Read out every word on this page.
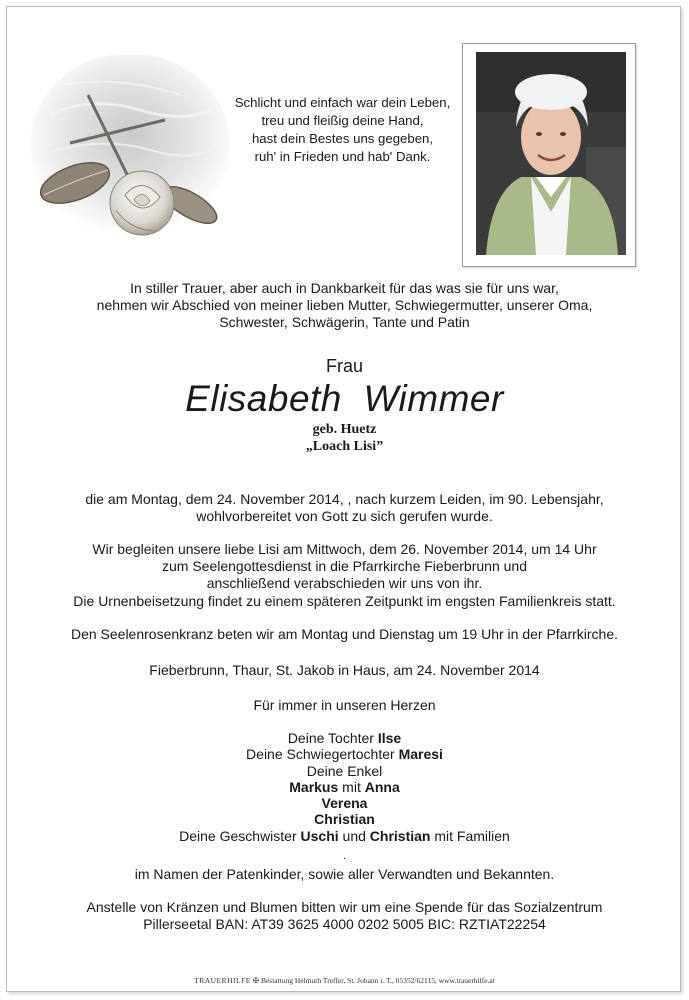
Schlicht und einfach war dein Leben,
treu und fleißig deine Hand,
hast dein Bestes uns gegeben,
ruh' in Frieden und hab' Dank.
In stiller Trauer, aber auch in Dankbarkeit für das was sie für uns war,
nehmen wir Abschied von meiner lieben Mutter, Schwiegermutter, unserer Oma,
Schwester, Schwägerin, Tante und Patin
Frau
Elisabeth  Wimmer
geb. Huetz
„Loach Lisi”
die am Montag, dem 24. November 2014, , nach kurzem Leiden, im 90. Lebensjahr,
wohlvorbereitet von Gott zu sich gerufen wurde.
Wir begleiten unsere liebe Lisi am Mittwoch, dem 26. November 2014, um 14 Uhr
zum Seelengottesdienst in die Pfarrkirche Fieberbrunn und
anschließend verabschieden wir uns von ihr.
Die Urnenbeisetzung findet zu einem späteren Zeitpunkt im engsten Familienkreis statt.
Den Seelenrosenkranz beten wir am Montag und Dienstag um 19 Uhr in der Pfarrkirche.
Fieberbrunn, Thaur, St. Jakob in Haus, am 24. November 2014
Für immer in unseren Herzen
Deine Tochter Ilse
Deine Schwiegertochter Maresi
Deine Enkel
Markus mit Anna
Verena
Christian
Deine Geschwister Uschi und Christian mit Familien
.
im Namen der Patenkinder, sowie aller Verwandten und Bekannten.
Anstelle von Kränzen und Blumen bitten wir um eine Spende für das Sozialzentrum
Pillerseetal BAN: AT39 3625 4000 0202 5005 BIC: RZTIAT22254
TRAUERHILFE ✠ Bestattung Helmuth Treffer, St. Johann i. T., 05352/62115, www.trauerhilfe.at
